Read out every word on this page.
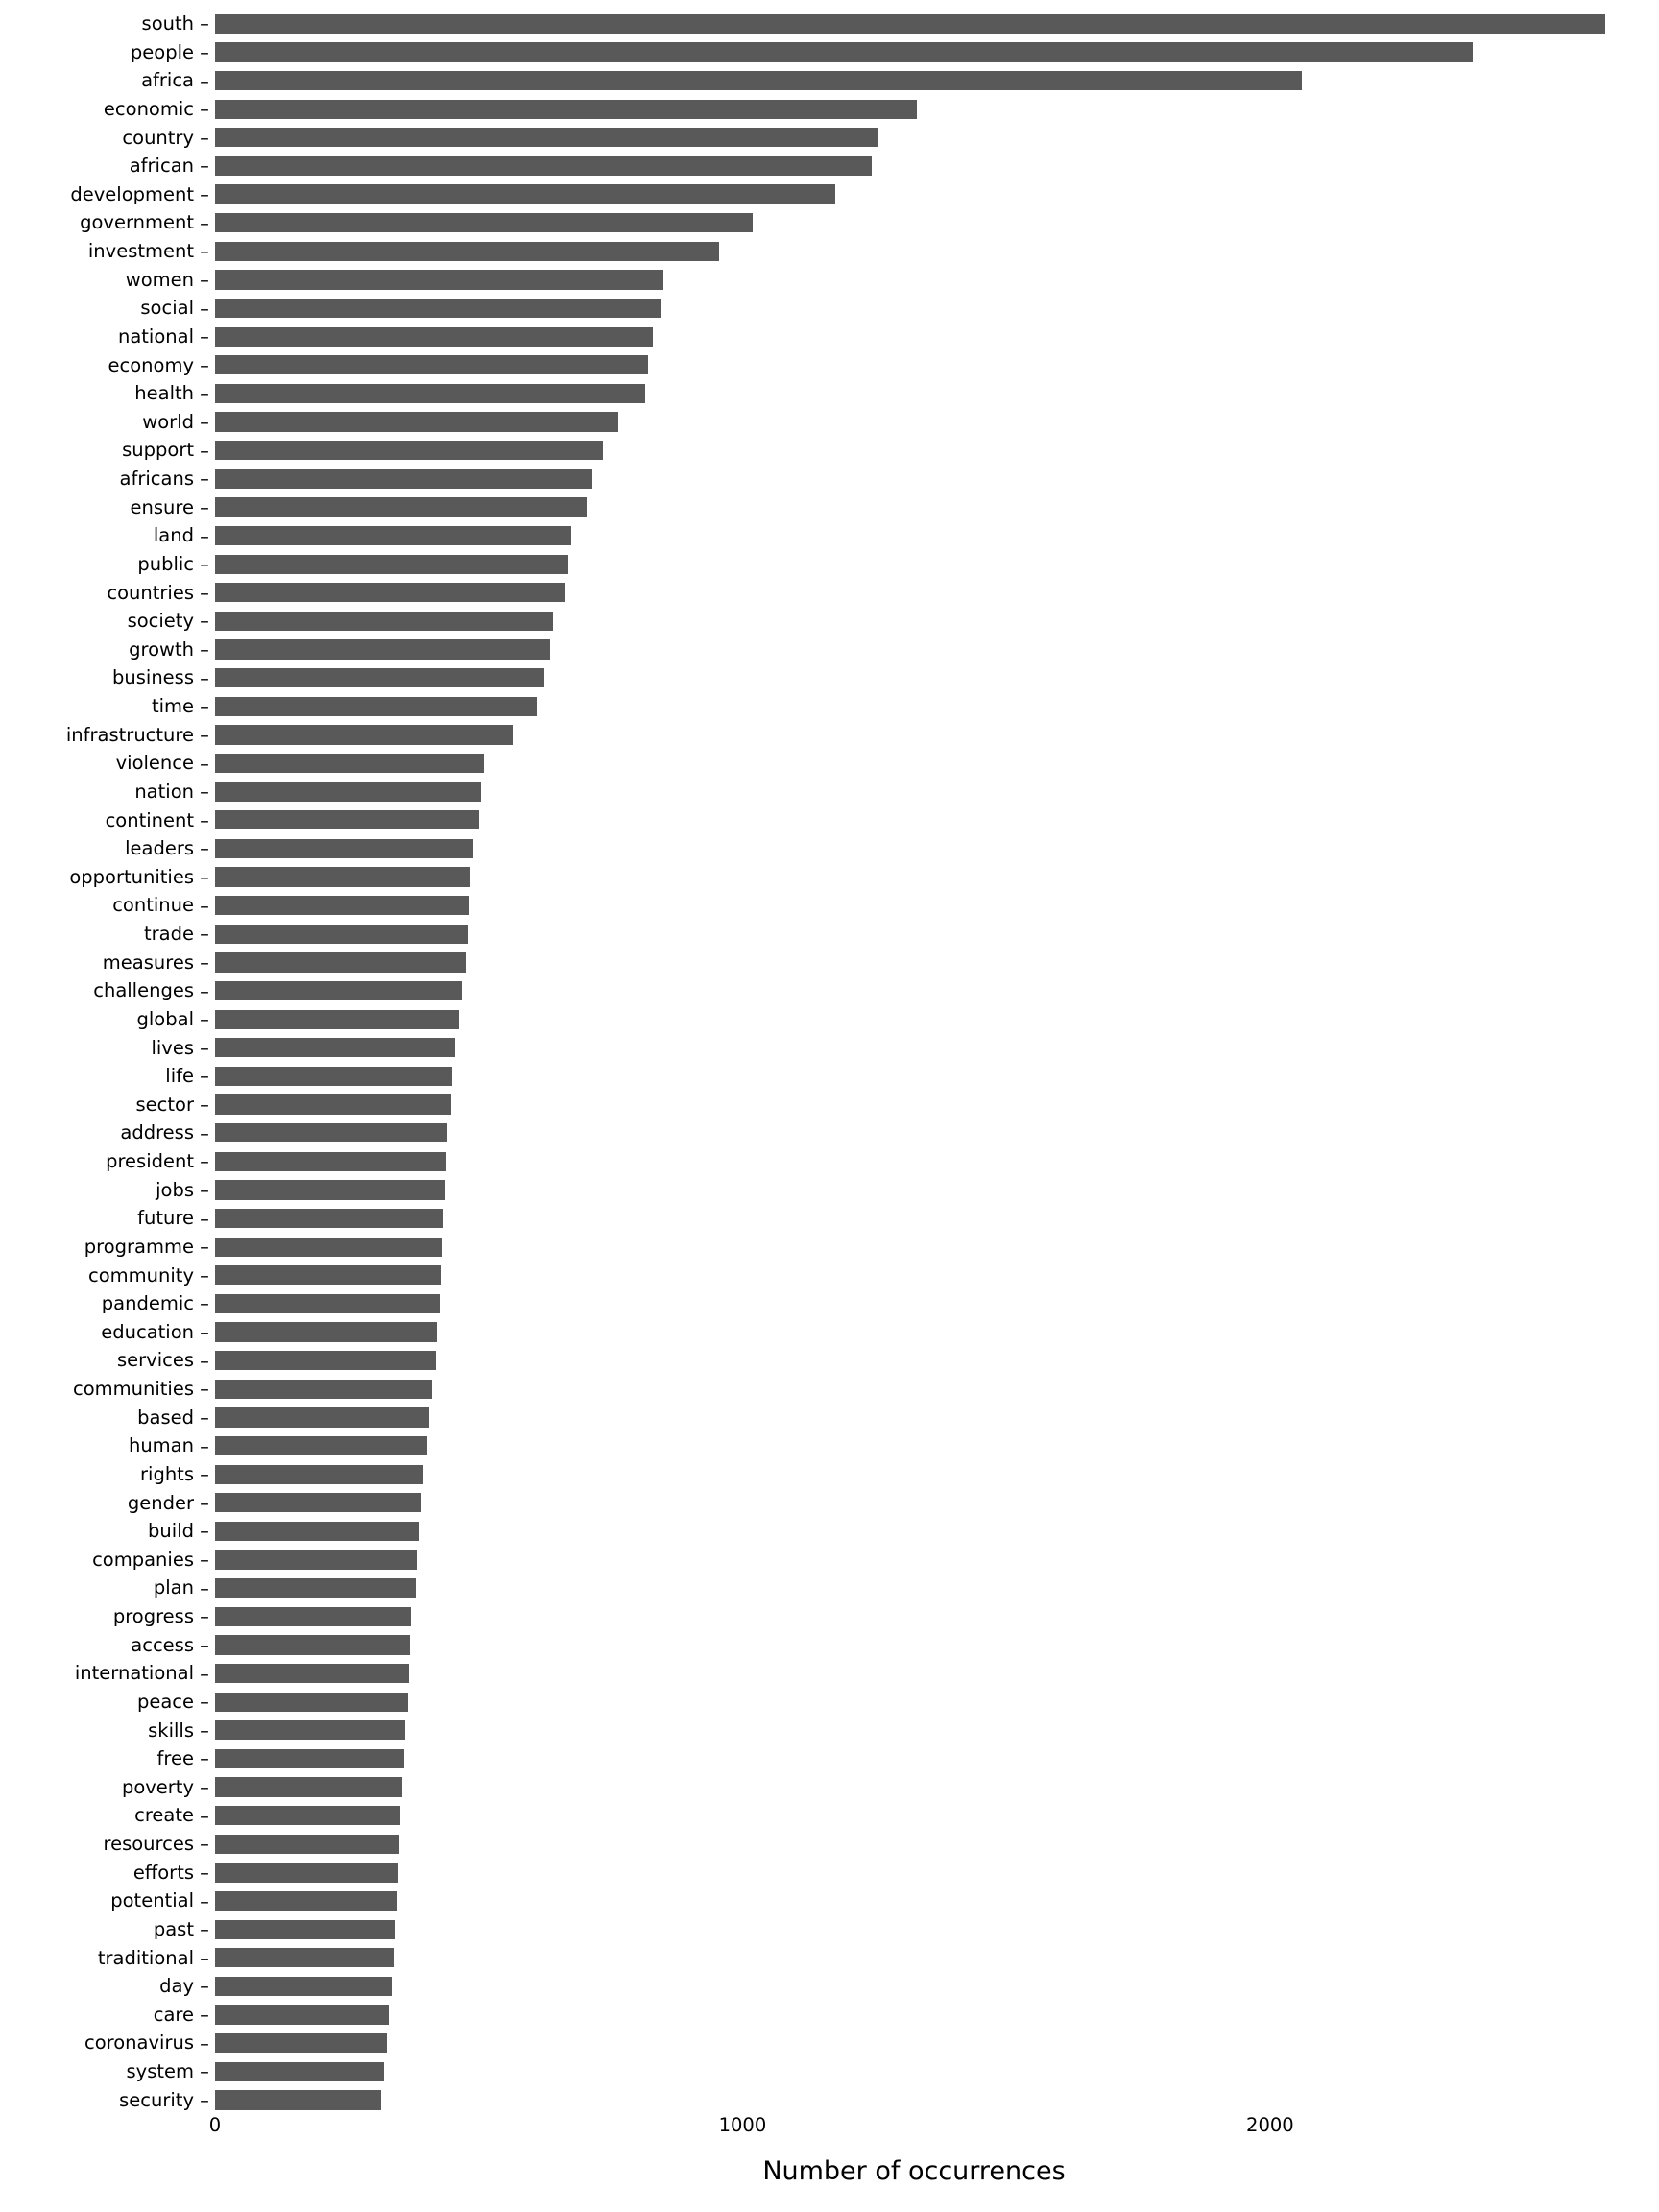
south –
people –
africa –
economic –
country –
african –
development –
government –
investment –
women –
social –
national –
economy –
health –
world –
support –
africans –
ensure –
land –
public –
countries –
society –
growth –
business –
time –
infrastructure –
violence –
nation –
continent –
leaders –
opportunities –
continue –
trade –
measures –
challenges –
global –
lives –
life –
sector –
address –
president –
jobs –
future –
programme –
community –
pandemic –
education –
services –
communities –
based –
human –
rights –
gender –
build –
companies –
plan –
progress –
access –
international –
peace –
skills –
free –
poverty –
create –
resources –
efforts –
potential –
past –
traditional –
day –
care –
coronavirus –
system –
security –
0	1000	2000
Number of occurrences
